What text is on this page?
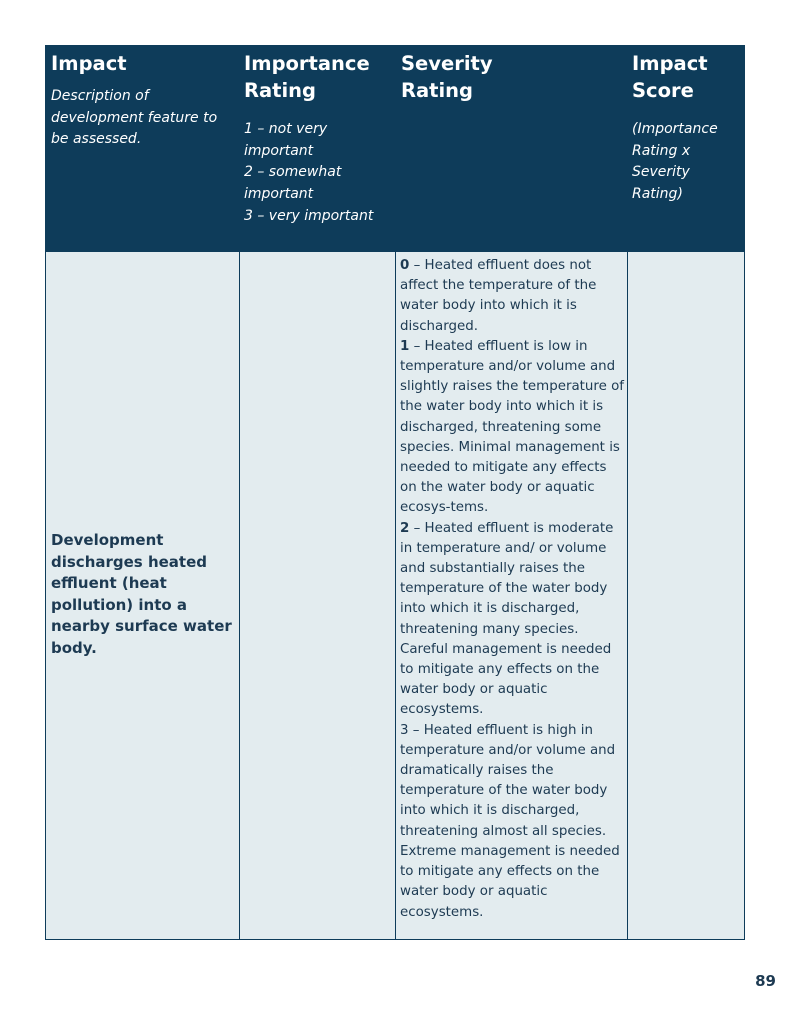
Impact
Description of development feature to be assessed.
Importance
Rating
1 – not very important
2 – somewhat important
3 – very important
Severity
Rating
Impact
Score
(Importance Rating x Severity Rating)
Development discharges heated effluent (heat pollution) into a nearby surface water body.
0 – Heated effluent does not affect the temperature of the water body into which it is discharged.
1 – Heated effluent is low in temperature and/or volume and slightly raises the temperature of the water body into which it is discharged, threatening some species. Minimal management is needed to mitigate any effects on the water body or aquatic ecosys-tems.
2 – Heated effluent is moderate in temperature and/ or volume and substantially raises the temperature of the water body into which it is discharged, threatening many species. Careful management is needed to mitigate any effects on the water body or aquatic ecosystems.
3 – Heated effluent is high in temperature and/or volume and dramatically raises the temperature of the water body into which it is discharged, threatening almost all species. Extreme management is needed to mitigate any effects on the water body or aquatic ecosystems.
89
